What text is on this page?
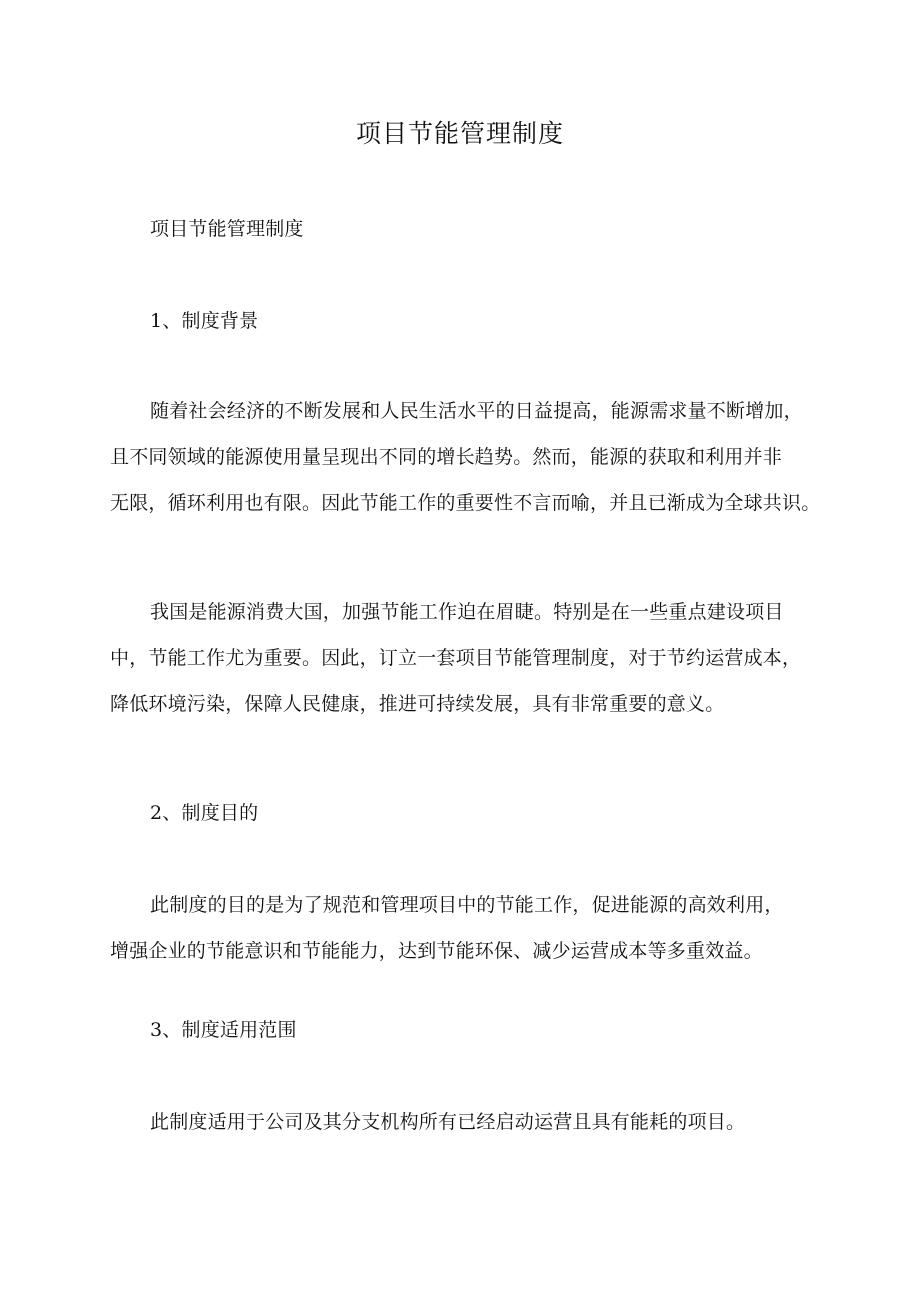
项目节能管理制度
项目节能管理制度
1、制度背景
随着社会经济的不断发展和人民生活水平的日益提高，能源需求量不断增加，
且不同领域的能源使用量呈现出不同的增长趋势。然而，能源的获取和利用并非
无限，循环利用也有限。因此节能工作的重要性不言而喻，并且已渐成为全球共识。
我国是能源消费大国，加强节能工作迫在眉睫。特别是在一些重点建设项目
中，节能工作尤为重要。因此，订立一套项目节能管理制度，对于节约运营成本，
降低环境污染，保障人民健康，推进可持续发展，具有非常重要的意义。
2、制度目的
此制度的目的是为了规范和管理项目中的节能工作，促进能源的高效利用，
增强企业的节能意识和节能能力，达到节能环保、减少运营成本等多重效益。
3、制度适用范围
此制度适用于公司及其分支机构所有已经启动运营且具有能耗的项目。
